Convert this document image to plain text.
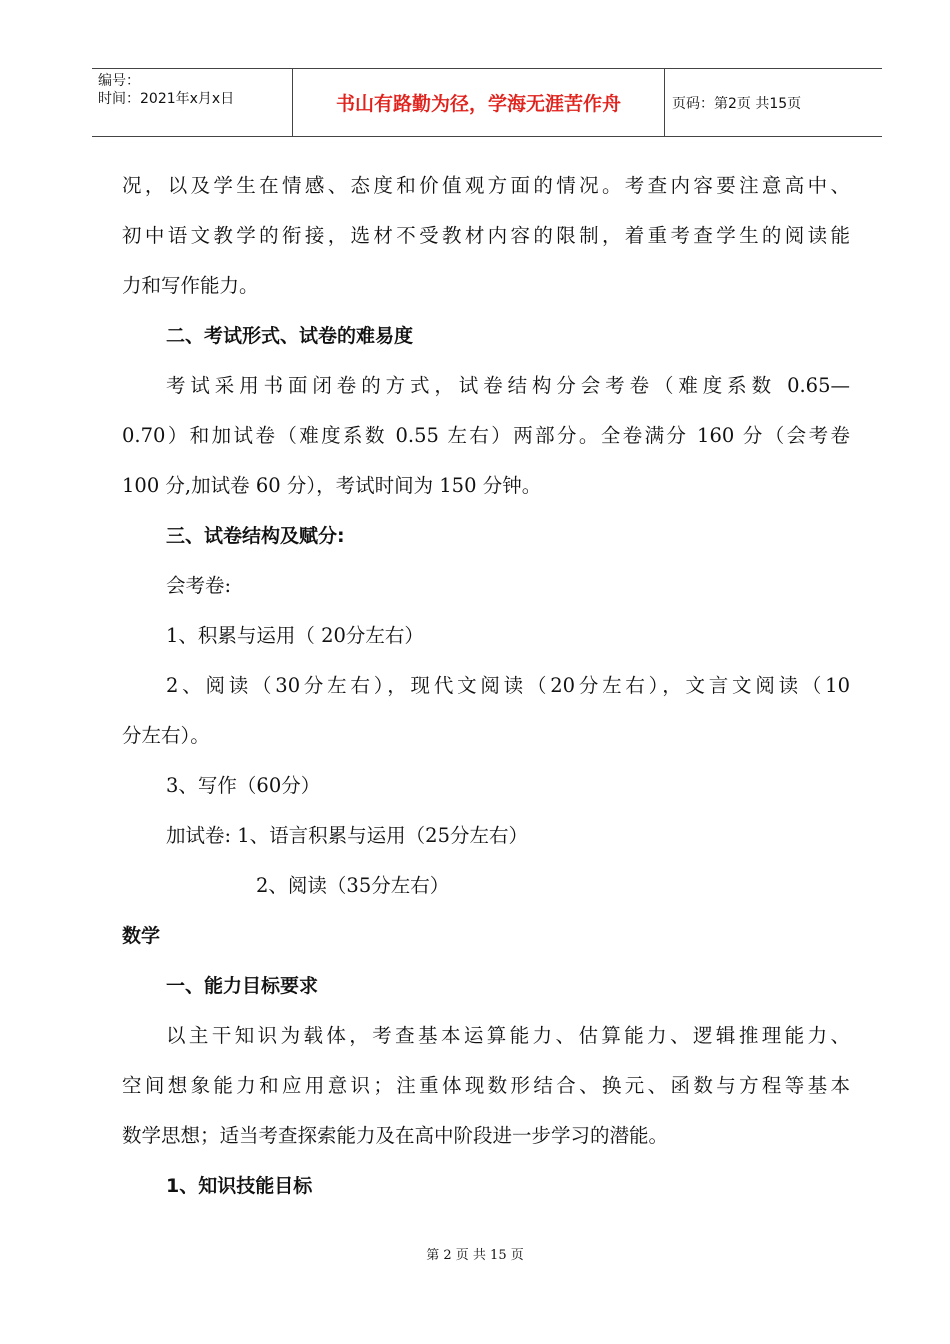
编号：
时间：2021年x月x日	书山有路勤为径，学海无涯苦作舟	页码：第2页 共15页
况，以及学生在情感、态度和价值观方面的情况。考查内容要注意高中、
初中语文教学的衔接，选材不受教材内容的限制，着重考查学生的阅读能
力和写作能力。
二、考试形式、试卷的难易度
考试采用书面闭卷的方式，试卷结构分会考卷（难度系数 0.65—
0.70）和加试卷（难度系数 0.55 左右）两部分。全卷满分 160 分（会考卷
100 分,加试卷 60 分），考试时间为 150 分钟。
三、试卷结构及赋分:
会考卷:
1、积累与运用（ 20分左右）
2、阅读（30分左右），现代文阅读（20分左右），文言文阅读（10
分左右）。
3、写作（60分）
加试卷: 1、语言积累与运用（25分左右）
2、阅读（35分左右）
数学
一、能力目标要求
以主干知识为载体，考查基本运算能力、估算能力、逻辑推理能力、
空间想象能力和应用意识；注重体现数形结合、换元、函数与方程等基本
数学思想；适当考查探索能力及在高中阶段进一步学习的潜能。
1、知识技能目标
第 2 页 共 15 页
